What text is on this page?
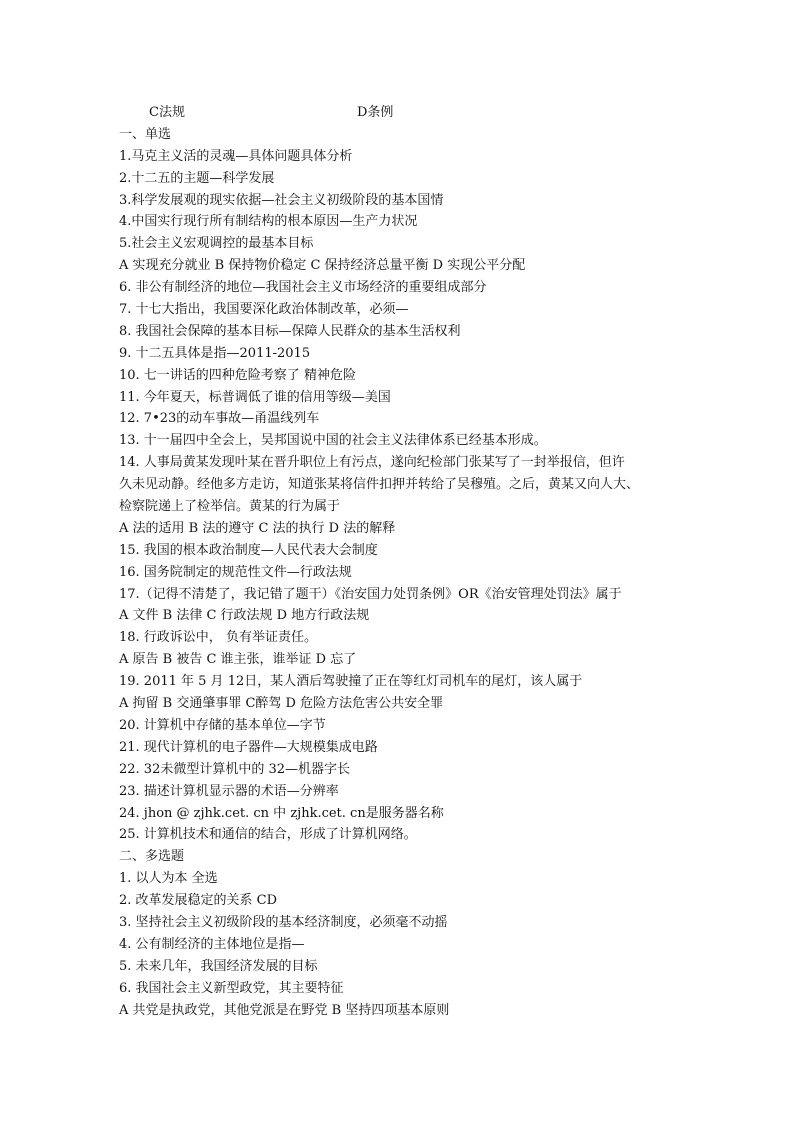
C法规	D条例
一、单选
1.马克主义活的灵魂—具体问题具体分析
2.十二五的主题—科学发展
3.科学发展观的现实依据—社会主义初级阶段的基本国情
4.中国实行现行所有制结构的根本原因—生产力状况
5.社会主义宏观调控的最基本目标
A 实现充分就业 B 保持物价稳定 C 保持经济总量平衡 D 实现公平分配
6. 非公有制经济的地位—我国社会主义市场经济的重要组成部分
7. 十七大指出，我国要深化政治体制改革，必须—
8. 我国社会保障的基本目标—保障人民群众的基本生活权利
9. 十二五具体是指—2011-2015
10. 七一讲话的四种危险考察了 精神危险
11. 今年夏天，标普调低了谁的信用等级—美国
12. 7•23的动车事故—甬温线列车
13. 十一届四中全会上，吴邦国说中国的社会主义法律体系已经基本形成。
14. 人事局黄某发现叶某在晋升职位上有污点，遂向纪检部门张某写了一封举报信，但许
久未见动静。经他多方走访，知道张某将信件扣押并转给了吴穆殖。之后，黄某又向人大、
检察院递上了检举信。黄某的行为属于
A 法的适用 B 法的遵守 C 法的执行 D 法的解释
15. 我国的根本政治制度—人民代表大会制度
16. 国务院制定的规范性文件—行政法规
17.（记得不清楚了，我记错了题干）《治安国力处罚条例》OR《治安管理处罚法》属于
A 文件 B 法律 C 行政法规 D 地方行政法规
18. 行政诉讼中， 负有举证责任。
A 原告 B 被告 C 谁主张，谁举证 D 忘了
19. 2011 年 5 月 12日，某人酒后驾驶撞了正在等红灯司机车的尾灯，该人属于
A 拘留 B 交通肇事罪 C醉驾 D 危险方法危害公共安全罪
20. 计算机中存储的基本单位—字节
21. 现代计算机的电子器件—大规模集成电路
22. 32未微型计算机中的 32—机器字长
23. 描述计算机显示器的术语—分辨率
24. jhon @ zjhk.cet. cn 中 zjhk.cet. cn是服务器名称
25. 计算机技术和通信的结合，形成了计算机网络。
二、多选题
1. 以人为本 全选
2. 改革发展稳定的关系 CD
3. 坚持社会主义初级阶段的基本经济制度，必须毫不动摇
4. 公有制经济的主体地位是指—
5. 未来几年，我国经济发展的目标
6. 我国社会主义新型政党，其主要特征
A 共党是执政党，其他党派是在野党 B 坚持四项基本原则
